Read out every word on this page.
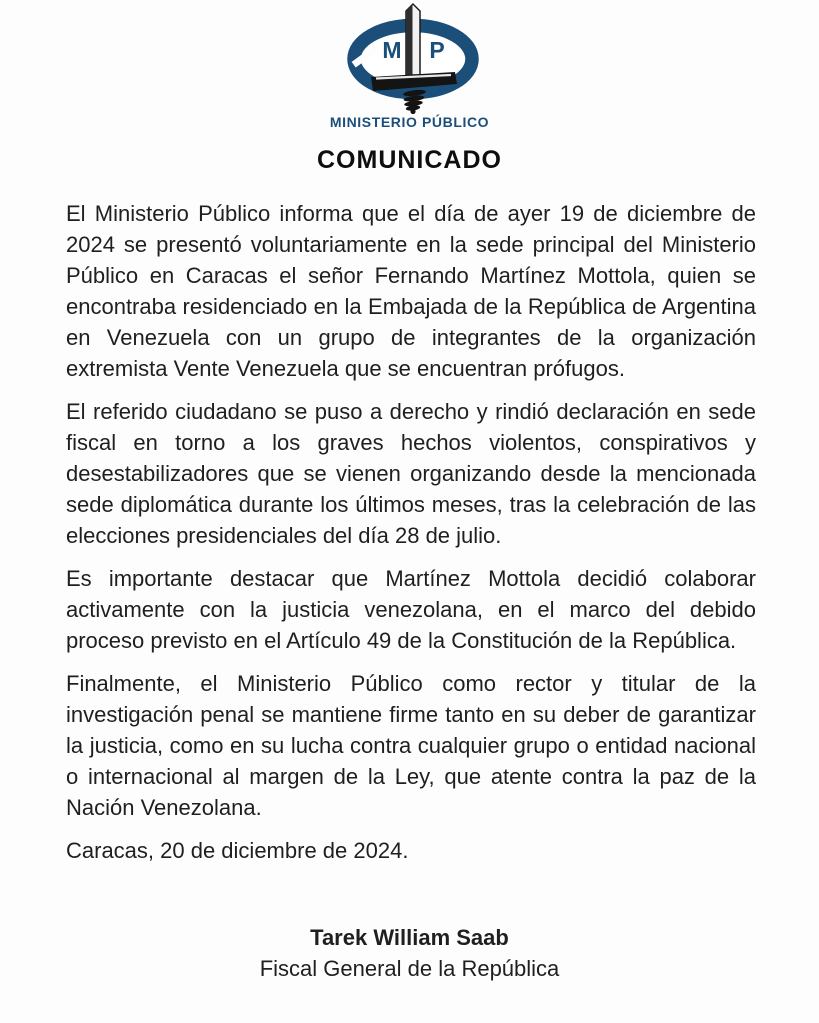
M P
MINISTERIO PÚBLICO
COMUNICADO

El Ministerio Público informa que el día de ayer 19 de diciembre de 2024 se presentó voluntariamente en la sede principal del Ministerio Público en Caracas el señor Fernando Martínez Mottola, quien se encontraba residenciado en la Embajada de la República de Argentina en Venezuela con un grupo de integrantes de la organización extremista Vente Venezuela que se encuentran prófugos.

El referido ciudadano se puso a derecho y rindió declaración en sede fiscal en torno a los graves hechos violentos, conspirativos y desestabilizadores que se vienen organizando desde la mencionada sede diplomática durante los últimos meses, tras la celebración de las elecciones presidenciales del día 28 de julio.

Es importante destacar que Martínez Mottola decidió colaborar activamente con la justicia venezolana, en el marco del debido proceso previsto en el Artículo 49 de la Constitución de la República.

Finalmente, el Ministerio Público como rector y titular de la investigación penal se mantiene firme tanto en su deber de garantizar la justicia, como en su lucha contra cualquier grupo o entidad nacional o internacional al margen de la Ley, que atente contra la paz de la Nación Venezolana.

Caracas, 20 de diciembre de 2024.

Tarek William Saab
Fiscal General de la República
